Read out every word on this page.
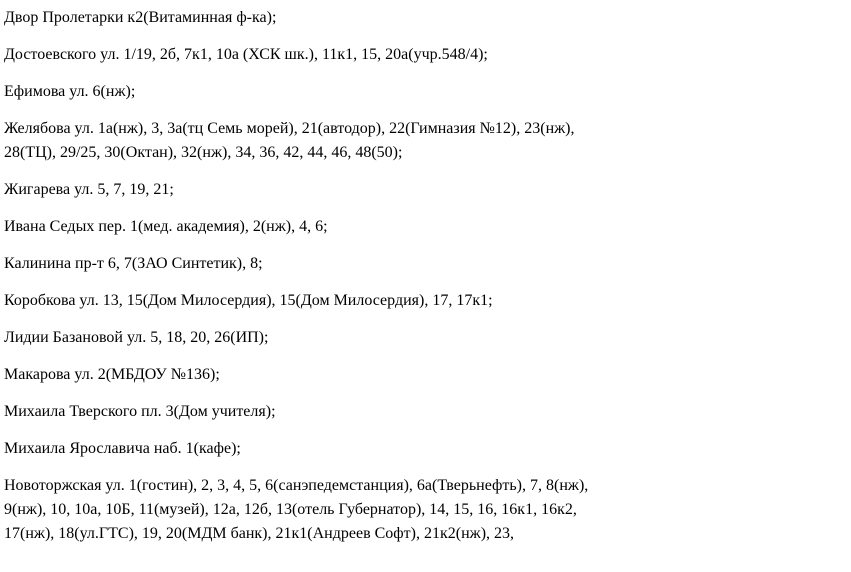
Двор Пролетарки к2(Витаминная ф-ка);

Достоевского ул. 1/19, 2б, 7к1, 10а (ХСК шк.), 11к1, 15, 20а(учр.548/4);

Ефимова ул. 6(нж);

Желябова ул. 1а(нж), 3, 3а(тц Семь морей), 21(автодор), 22(Гимназия №12), 23(нж),
28(ТЦ), 29/25, 30(Октан), 32(нж), 34, 36, 42, 44, 46, 48(50);

Жигарева ул. 5, 7, 19, 21;

Ивана Седых пер. 1(мед. академия), 2(нж), 4, 6;

Калинина пр-т 6, 7(ЗАО Синтетик), 8;

Коробкова ул. 13, 15(Дом Милосердия), 15(Дом Милосердия), 17, 17к1;

Лидии Базановой ул. 5, 18, 20, 26(ИП);

Макарова ул. 2(МБДОУ №136);

Михаила Тверского пл. 3(Дом учителя);

Михаила Ярославича наб. 1(кафе);

Новоторжская ул. 1(гостин), 2, 3, 4, 5, 6(санэпедемстанция), 6а(Тверьнефть), 7, 8(нж),
9(нж), 10, 10а, 10Б, 11(музей), 12а, 12б, 13(отель Губернатор), 14, 15, 16, 16к1, 16к2,
17(нж), 18(ул.ГТС), 19, 20(МДМ банк), 21к1(Андреев Софт), 21к2(нж), 23,
